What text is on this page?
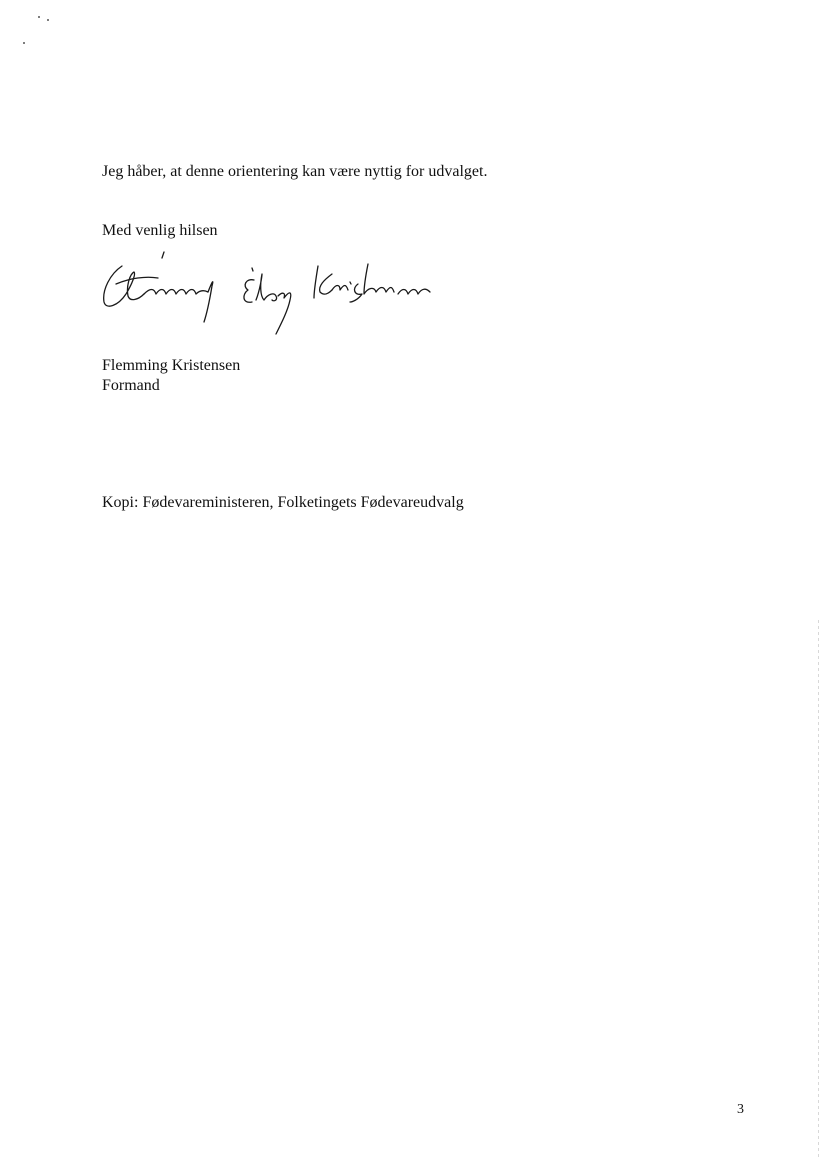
Jeg håber, at denne orientering kan være nyttig for udvalget.
Med venlig hilsen
Flemming Kristensen
Formand
Kopi: Fødevareministeren, Folketingets Fødevareudvalg
3
